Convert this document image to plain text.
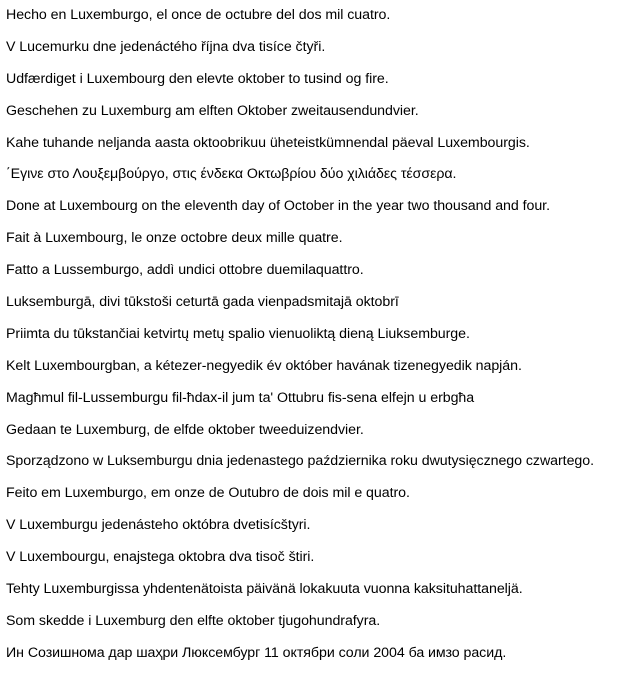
Hecho en Luxemburgo, el once de octubre del dos mil cuatro.
V Lucemurku dne jedenáctého října dva tisíce čtyři.
Udfærdiget i Luxembourg den elevte oktober to tusind og fire.
Geschehen zu Luxemburg am elften Oktober zweitausendundvier.
Kahe tuhande neljanda aasta oktoobrikuu üheteistkümnendal päeval Luxembourgis.
΄Εγινε στο Λουξεμβούργο, στις ένδεκα Οκτωβρίου δύο χιλιάδες τέσσερα.
Done at Luxembourg on the eleventh day of October in the year two thousand and four.
Fait à Luxembourg, le onze octobre deux mille quatre.
Fatto a Lussemburgo, addì undici ottobre duemilaquattro.
Luksemburgā, divi tūkstoši ceturtā gada vienpadsmitajā oktobrī
Priimta du tūkstančiai ketvirtų metų spalio vienuoliktą dieną Liuksemburge.
Kelt Luxembourgban, a kétezer-negyedik év október havának tizenegyedik napján.
Magħmul fil-Lussemburgu fil-ħdax-il jum ta' Ottubru fis-sena elfejn u erbgħa
Gedaan te Luxemburg, de elfde oktober tweeduizendvier.
Sporządzono w Luksemburgu dnia jedenastego października roku dwutysięcznego czwartego.
Feito em Luxemburgo, em onze de Outubro de dois mil e quatro.
V Luxemburgu jedenásteho októbra dvetisícštyri.
V Luxembourgu, enajstega oktobra dva tisoč štiri.
Tehty Luxemburgissa yhdentenätoista päivänä lokakuuta vuonna kaksituhattaneljä.
Som skedde i Luxemburg den elfte oktober tjugohundrafyra.
Ин Созишнома дар шаҳри Люксембург 11 октябри соли 2004 ба имзо расид.
